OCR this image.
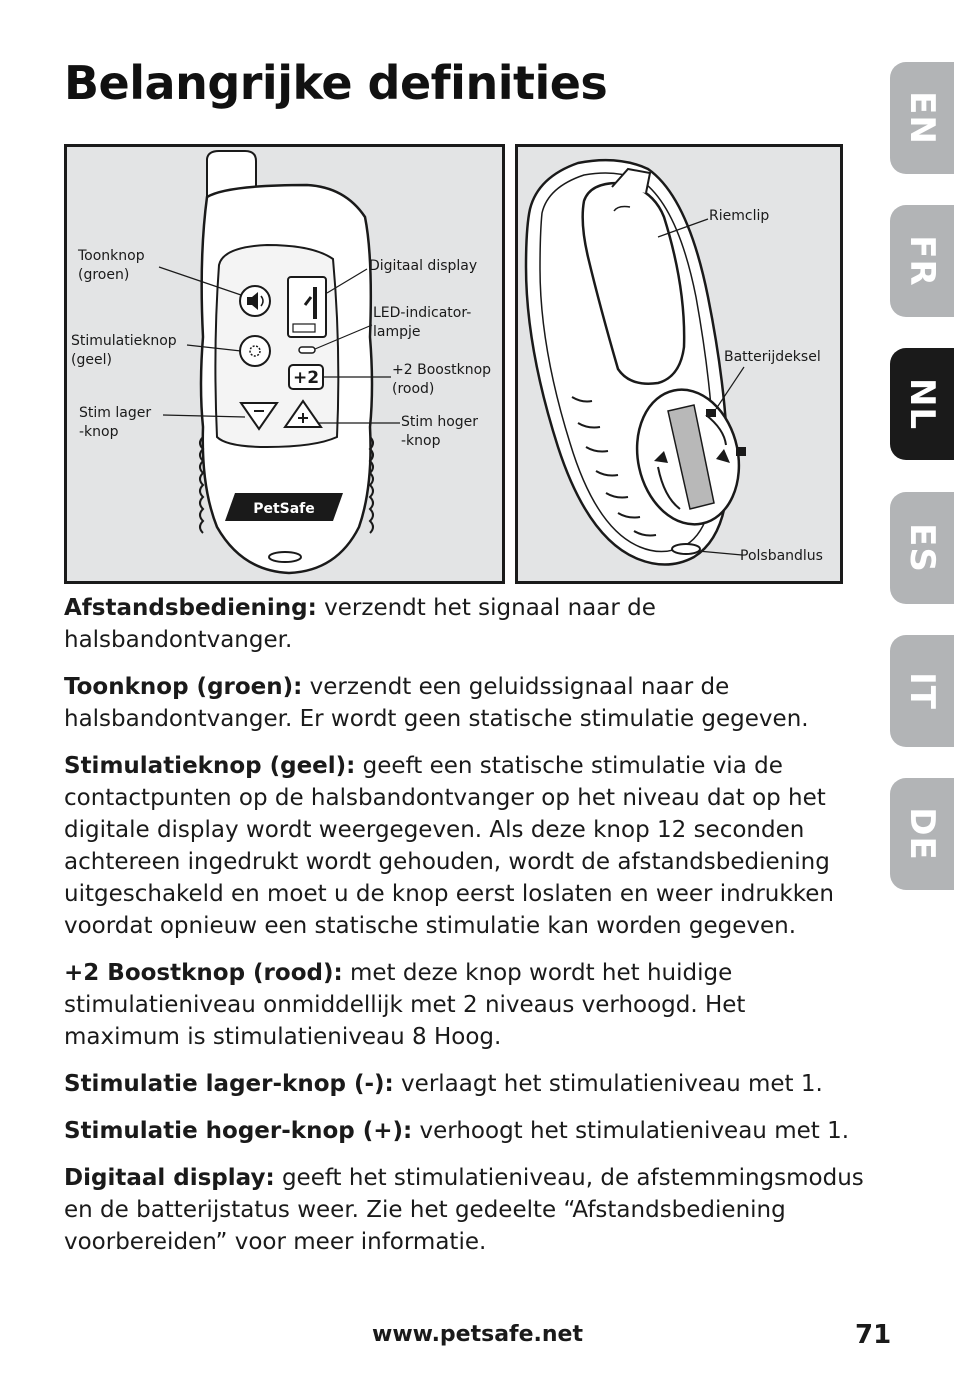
Belangrijke definities
EN
FR
NL
ES
IT
DE
+2
PetSafe
Toonknop
(groen)
Stimulatieknop
(geel)
Stim lager
-knop
Digitaal display
LED-indicator-
lampje
+2 Boostknop
(rood)
Stim hoger
-knop
Riemclip
Batterijdeksel
Polsbandlus

Afstandsbediening: verzendt het signaal naar de halsbandontvanger.

Toonknop (groen): verzendt een geluidssignaal naar de halsbandontvanger. Er wordt geen statische stimulatie gegeven.

Stimulatieknop (geel): geeft een statische stimulatie via de contactpunten op de halsbandontvanger op het niveau dat op het digitale display wordt weergegeven. Als deze knop 12 seconden achtereen ingedrukt wordt gehouden, wordt de afstandsbediening uitgeschakeld en moet u de knop eerst loslaten en weer indrukken voordat opnieuw een statische stimulatie kan worden gegeven.

+2 Boostknop (rood): met deze knop wordt het huidige stimulatieniveau onmiddellijk met 2 niveaus verhoogd. Het maximum is stimulatieniveau 8 Hoog.

Stimulatie lager-knop (-): verlaagt het stimulatieniveau met 1.

Stimulatie hoger-knop (+): verhoogt het stimulatieniveau met 1.

Digitaal display: geeft het stimulatieniveau, de afstemmingsmodus en de batterijstatus weer. Zie het gedeelte “Afstandsbediening voorbereiden” voor meer informatie.

www.petsafe.net	71
